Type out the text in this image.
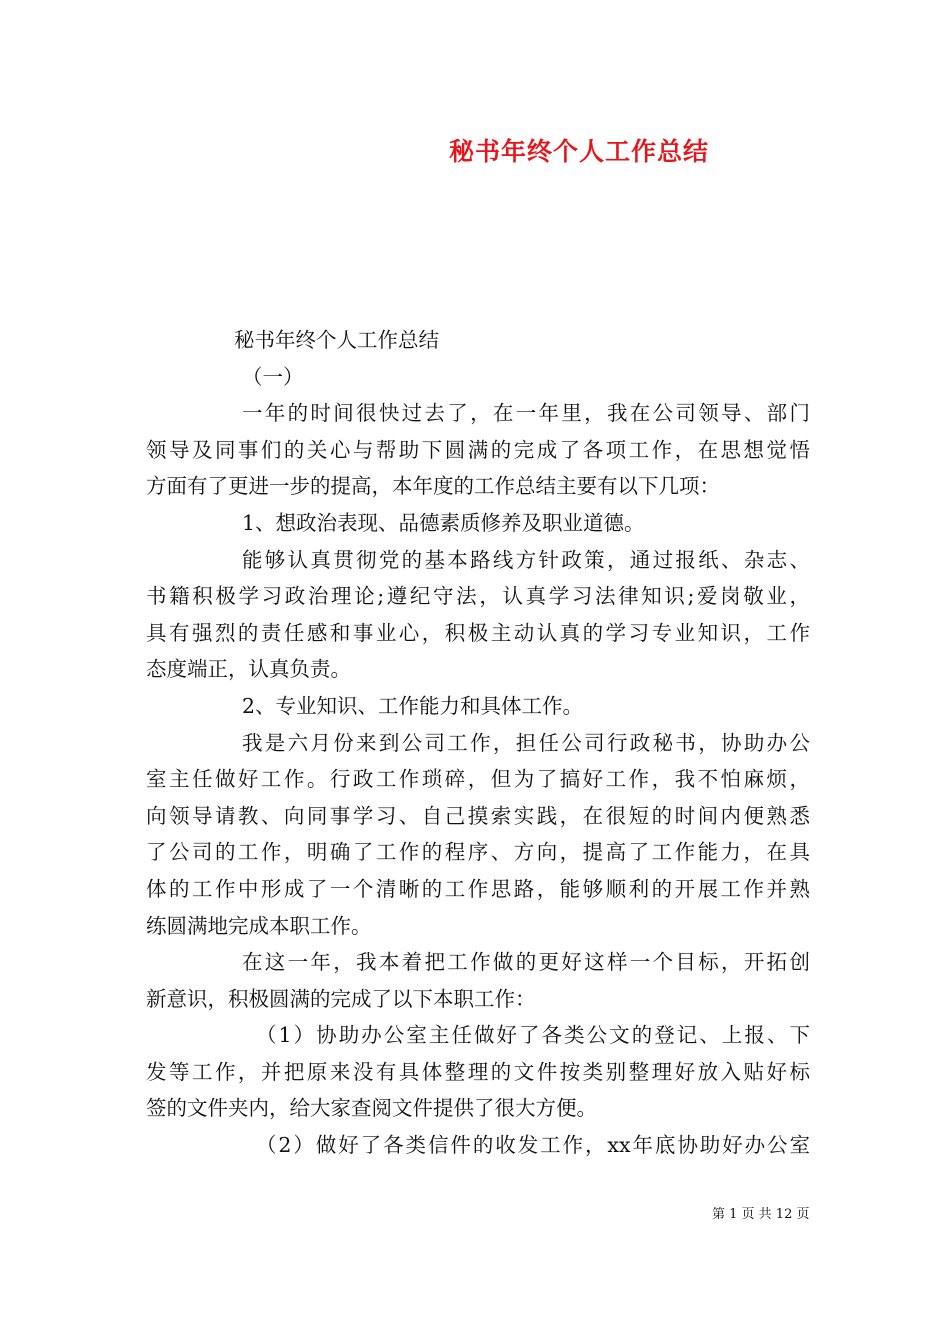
秘书年终个人工作总结
秘书年终个人工作总结
（一）
一年的时间很快过去了，在一年里，我在公司领导、部门
领导及同事们的关心与帮助下圆满的完成了各项工作，在思想觉悟
方面有了更进一步的提高，本年度的工作总结主要有以下几项：
1、想政治表现、品德素质修养及职业道德。
能够认真贯彻党的基本路线方针政策，通过报纸、杂志、
书籍积极学习政治理论;遵纪守法，认真学习法律知识;爱岗敬业，
具有强烈的责任感和事业心，积极主动认真的学习专业知识，工作
态度端正，认真负责。
2、专业知识、工作能力和具体工作。
我是六月份来到公司工作，担任公司行政秘书，协助办公
室主任做好工作。行政工作琐碎，但为了搞好工作，我不怕麻烦，
向领导请教、向同事学习、自己摸索实践，在很短的时间内便熟悉
了公司的工作，明确了工作的程序、方向，提高了工作能力，在具
体的工作中形成了一个清晰的工作思路，能够顺利的开展工作并熟
练圆满地完成本职工作。
在这一年，我本着把工作做的更好这样一个目标，开拓创
新意识，积极圆满的完成了以下本职工作：
（1）协助办公室主任做好了各类公文的登记、上报、下
发等工作，并把原来没有具体整理的文件按类别整理好放入贴好标
签的文件夹内，给大家查阅文件提供了很大方便。
（2）做好了各类信件的收发工作，xx年底协助好办公室
第 1 页 共 12 页
